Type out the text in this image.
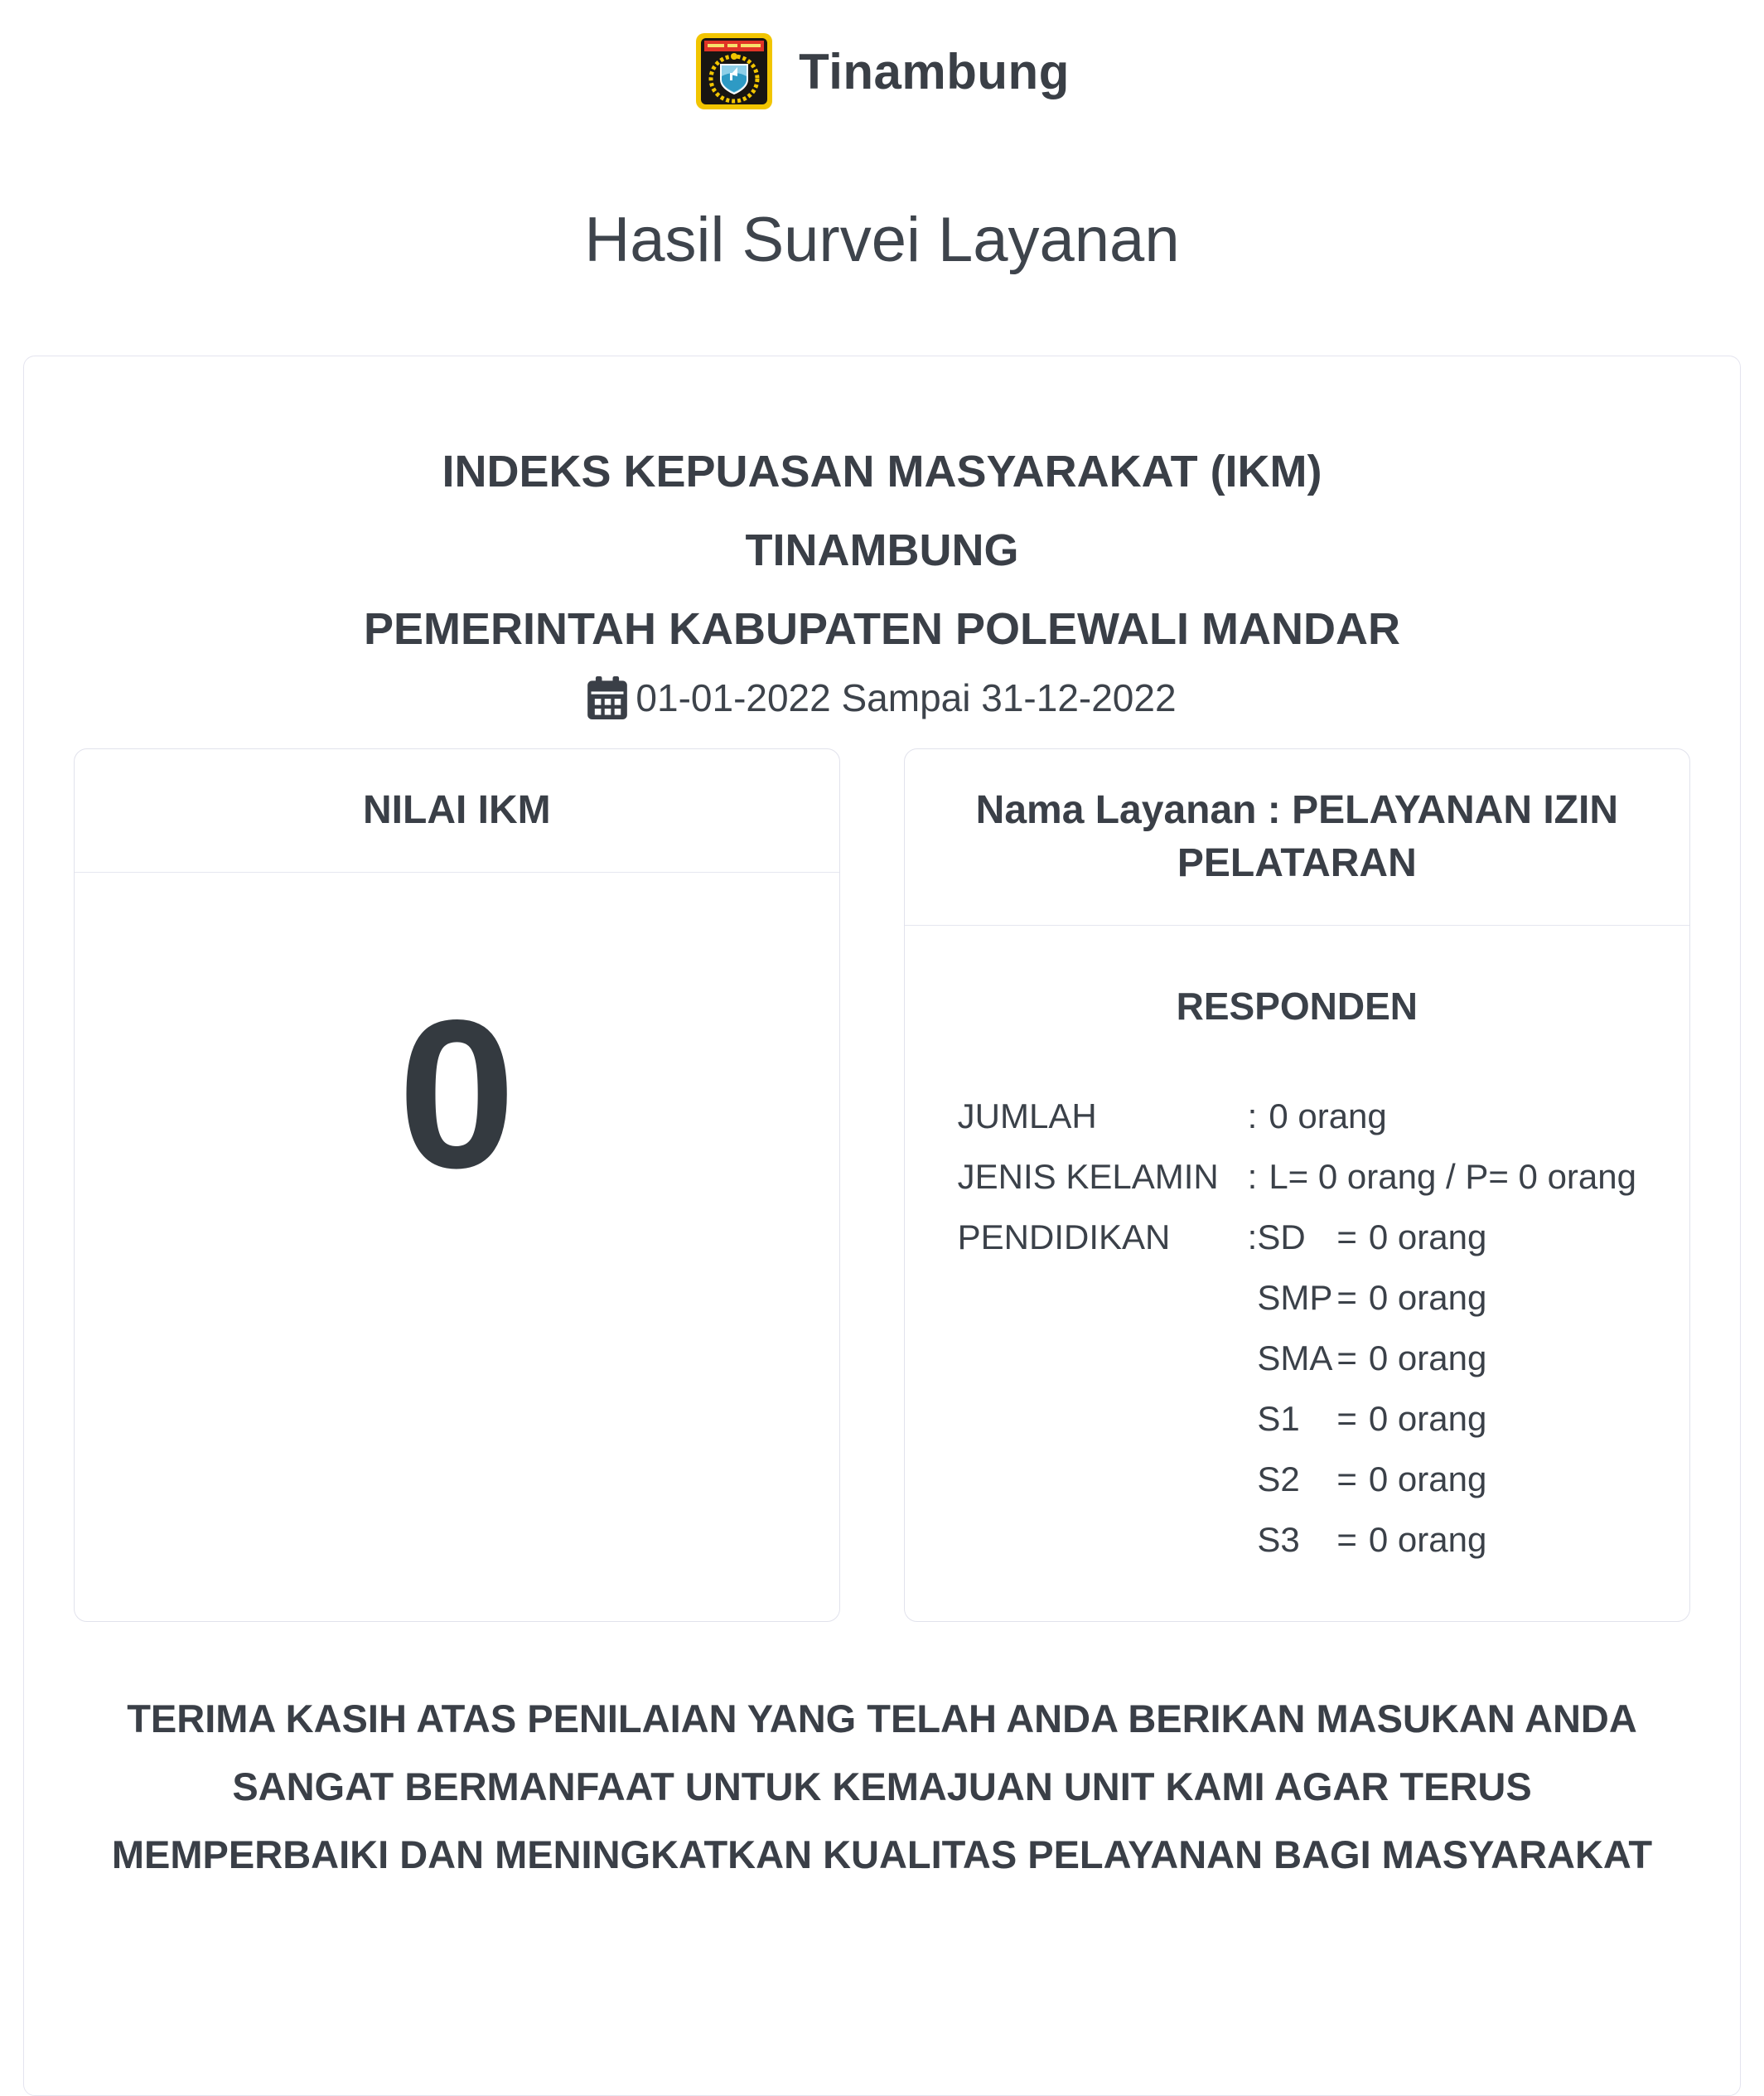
Tinambung
Hasil Survei Layanan
INDEKS KEPUASAN MASYARAKAT (IKM)
TINAMBUNG
PEMERINTAH KABUPATEN POLEWALI MANDAR
01-01-2022 Sampai 31-12-2022
NILAI IKM
0
Nama Layanan : PELAYANAN IZIN PELATARAN
RESPONDEN
JUMLAH	: 0 orang
JENIS KELAMIN : L= 0 orang / P= 0 orang
PENDIDIKAN	: SD = 0 orang
SMP = 0 orang
SMA = 0 orang
S1	= 0 orang
S2	= 0 orang
S3	= 0 orang
TERIMA KASIH ATAS PENILAIAN YANG TELAH ANDA BERIKAN MASUKAN ANDA
SANGAT BERMANFAAT UNTUK KEMAJUAN UNIT KAMI AGAR TERUS
MEMPERBAIKI DAN MENINGKATKAN KUALITAS PELAYANAN BAGI MASYARAKAT
